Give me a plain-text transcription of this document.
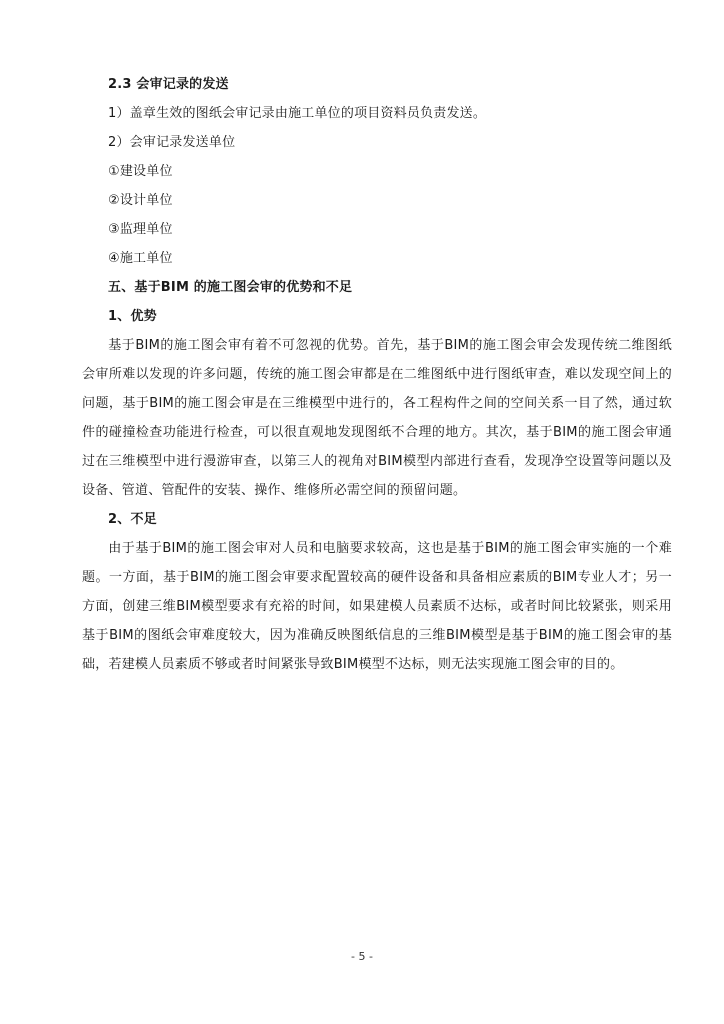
2.3 会审记录的发送
1）盖章生效的图纸会审记录由施工单位的项目资料员负责发送。
2）会审记录发送单位
①建设单位
②设计单位
③监理单位
④施工单位
五、基于BIM 的施工图会审的优势和不足
1、优势
基于BIM的施工图会审有着不可忽视的优势。首先，基于BIM的施工图会审会发现传统二维图纸会审所难以发现的许多问题，传统的施工图会审都是在二维图纸中进行图纸审查，难以发现空间上的问题，基于BIM的施工图会审是在三维模型中进行的，各工程构件之间的空间关系一目了然，通过软件的碰撞检查功能进行检查，可以很直观地发现图纸不合理的地方。其次，基于BIM的施工图会审通过在三维模型中进行漫游审查，以第三人的视角对BIM模型内部进行查看，发现净空设置等问题以及设备、管道、管配件的安装、操作、维修所必需空间的预留问题。
2、不足
由于基于BIM的施工图会审对人员和电脑要求较高，这也是基于BIM的施工图会审实施的一个难题。一方面，基于BIM的施工图会审要求配置较高的硬件设备和具备相应素质的BIM专业人才；另一方面，创建三维BIM模型要求有充裕的时间，如果建模人员素质不达标，或者时间比较紧张，则采用基于BIM的图纸会审难度较大，因为准确反映图纸信息的三维BIM模型是基于BIM的施工图会审的基础，若建模人员素质不够或者时间紧张导致BIM模型不达标，则无法实现施工图会审的目的。
- 5 -
